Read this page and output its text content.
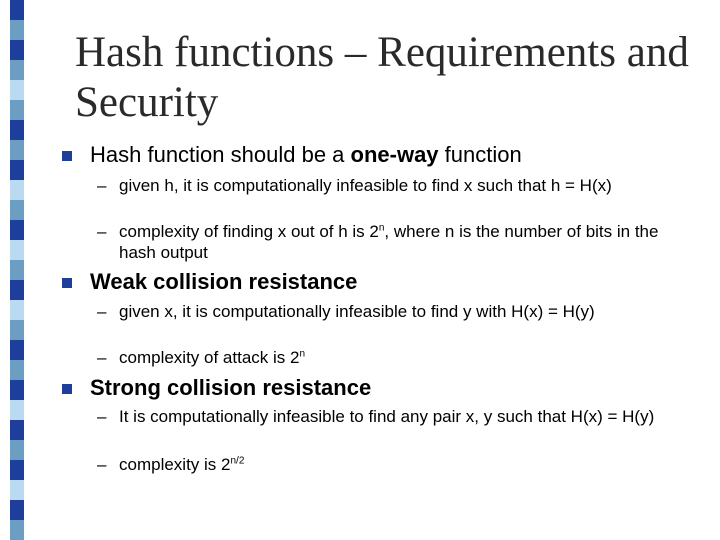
Hash functions – Requirements and Security
Hash function should be a one-way function
– given h, it is computationally infeasible to find x such that h = H(x)
– complexity of finding x out of h is 2$^n$, where n is the number of bits in the hash output
Weak collision resistance
– given x, it is computationally infeasible to find y with H(x) = H(y)
– complexity of attack is 2$^n$
Strong collision resistance
– It is computationally infeasible to find any pair x, y such that H(x) = H(y)
– complexity is $2^{n/2}$
